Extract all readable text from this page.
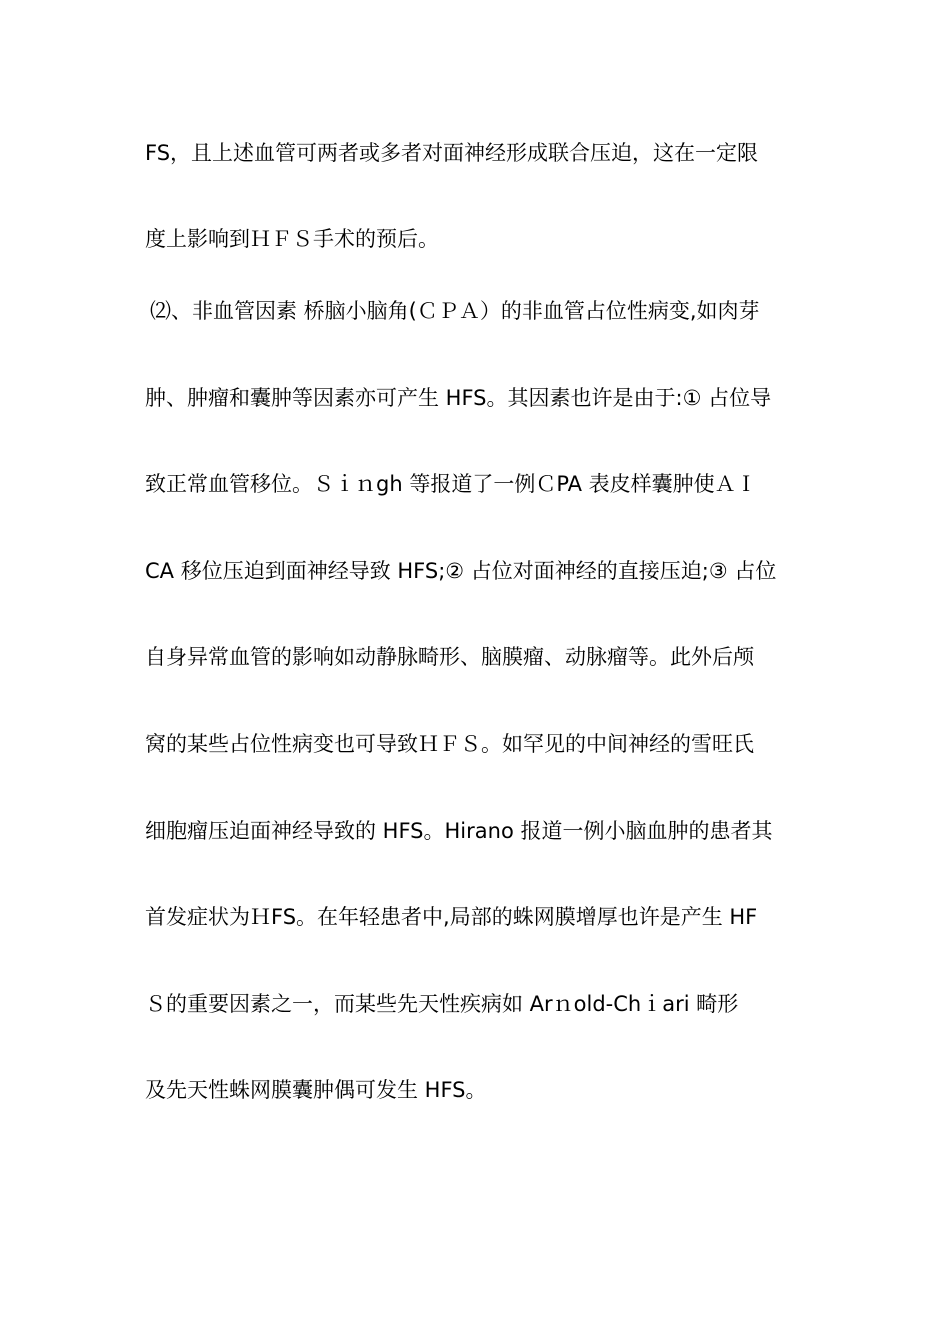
FS，且上述血管可两者或多者对面神经形成联合压迫，这在一定限
度上影响到ＨＦＳ手术的预后。
⑵、非血管因素 桥脑小脑角(ＣＰＡ）的非血管占位性病变,如肉芽
肿、肿瘤和囊肿等因素亦可产生 HFS。其因素也许是由于:① 占位导
致正常血管移位。Ｓｉｎgh 等报道了一例ＣPA 表皮样囊肿使ＡＩ
CA 移位压迫到面神经导致 HFS;② 占位对面神经的直接压迫;③ 占位
自身异常血管的影响如动静脉畸形、脑膜瘤、动脉瘤等。此外后颅
窝的某些占位性病变也可导致ＨＦＳ。如罕见的中间神经的雪旺氏
细胞瘤压迫面神经导致的 HFS。Hirano 报道一例小脑血肿的患者其
首发症状为ＨFS。在年轻患者中,局部的蛛网膜增厚也许是产生 HF
Ｓ的重要因素之一，而某些先天性疾病如 Arｎold-Chｉari 畸形
及先天性蛛网膜囊肿偶可发生 HFS。
